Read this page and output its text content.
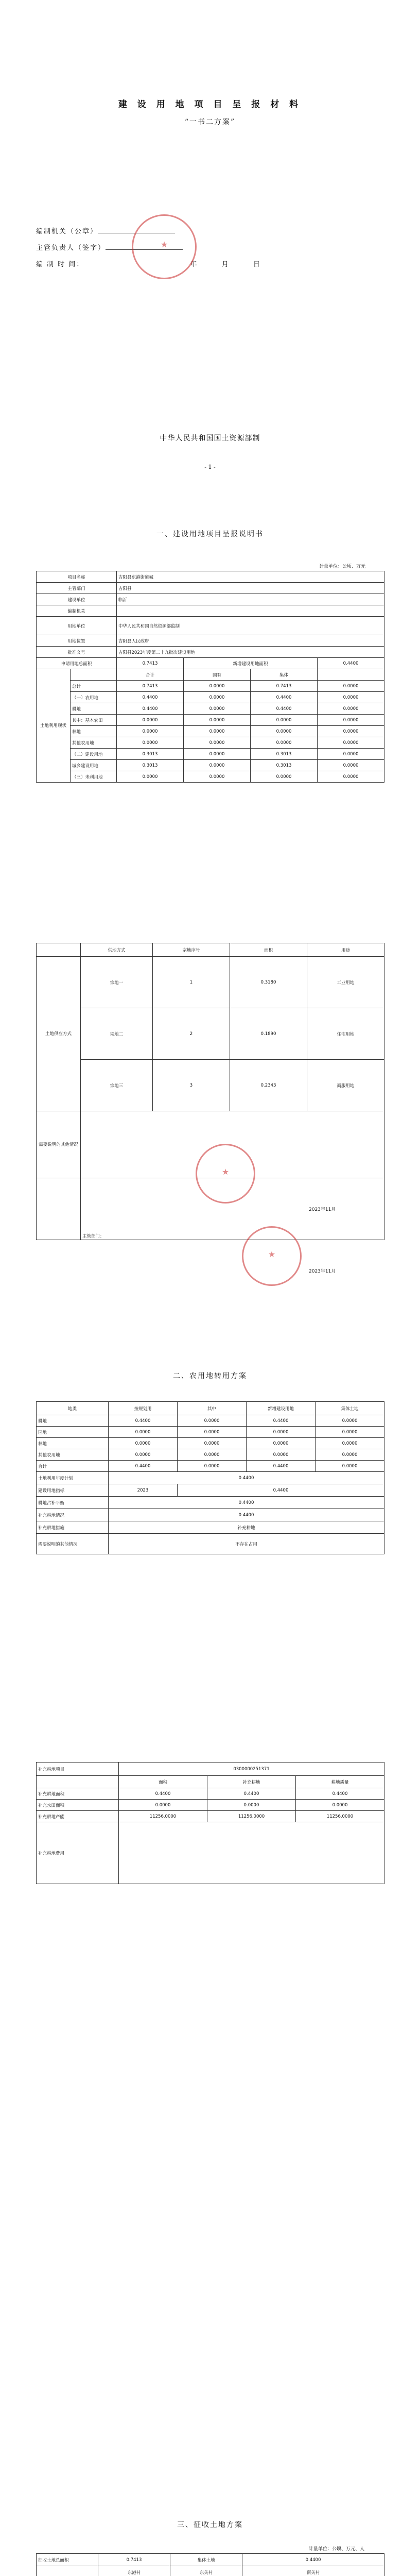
建 设 用 地 项 目 呈 报 材 料
“一书二方案”
编制机关（公章）
主管负责人（签字）
编 制 时 间：	年	月	日
★
中华人民共和国国土资源部制
- 1 -
一、建设用地项目呈报说明书
计量单位：公顷、万元
项目名称		吉阳县东港街道城			
主管部门		吉阳县			
建设单位		临沂			
编制机关					
用地单位		中华人民共和国自然资源部监制			
用地位置		吉阳县人民政府			
批准文号		吉阳县2023年度第二十九批次建设用地			
申请用地总面积		0.7413	新增建设用地面积		0.4400
土地利用现状		合计	国有	集体	
	总计	0.7413	0.0000	0.7413	0.0000
	（一）农用地	0.4400	0.0000	0.4400	0.0000
	耕地	0.4400	0.0000	0.4400	0.0000
	其中：基本农田	0.0000	0.0000	0.0000	0.0000
	林地	0.0000	0.0000	0.0000	0.0000
	其他农用地	0.0000	0.0000	0.0000	0.0000
	（二）建设用地	0.3013	0.0000	0.3013	0.0000
	城乡建设用地	0.3013	0.0000	0.3013	0.0000
	（三）未利用地	0.0000	0.0000	0.0000	0.0000
	供地方式	宗地序号	面积	用途
土地供应方式	宗地一	1	0.3180	工业用地
	宗地二	2	0.1890	住宅用地
	宗地三	3	0.2343	商服用地
需要说明的其他情况				
	主管部门：			
★
★
2023年11月
2023年11月
二、农用地转用方案
地类	按规划用	其中	新增建设用地	集体土地
耕地	0.4400	0.0000	0.4400	0.0000
园地	0.0000	0.0000	0.0000	0.0000
林地	0.0000	0.0000	0.0000	0.0000
其他农用地	0.0000	0.0000	0.0000	0.0000
合计	0.4400	0.0000	0.4400	0.0000
土地利用年度计划	0.4400			
建设用地指标	2023	0.4400		
耕地占补平衡	0.4400			
补充耕地情况	0.4400			
补充耕地措施	补充耕地			
需要说明的其他情况	不存在占用			
补充耕地项目	0300000251371		
	面积	补充耕地	耕地质量
补充耕地面积	0.4400	0.4400	0.4400
补充水田面积	0.0000	0.0000	0.0000
补充耕地产能	11256.0000	11256.0000	11256.0000
补充耕地费用			
三、征收土地方案
计量单位：公顷、万元、人
征收土地总面积	0.7413	集体土地	0.4400
	东港村	东关村	南关村
